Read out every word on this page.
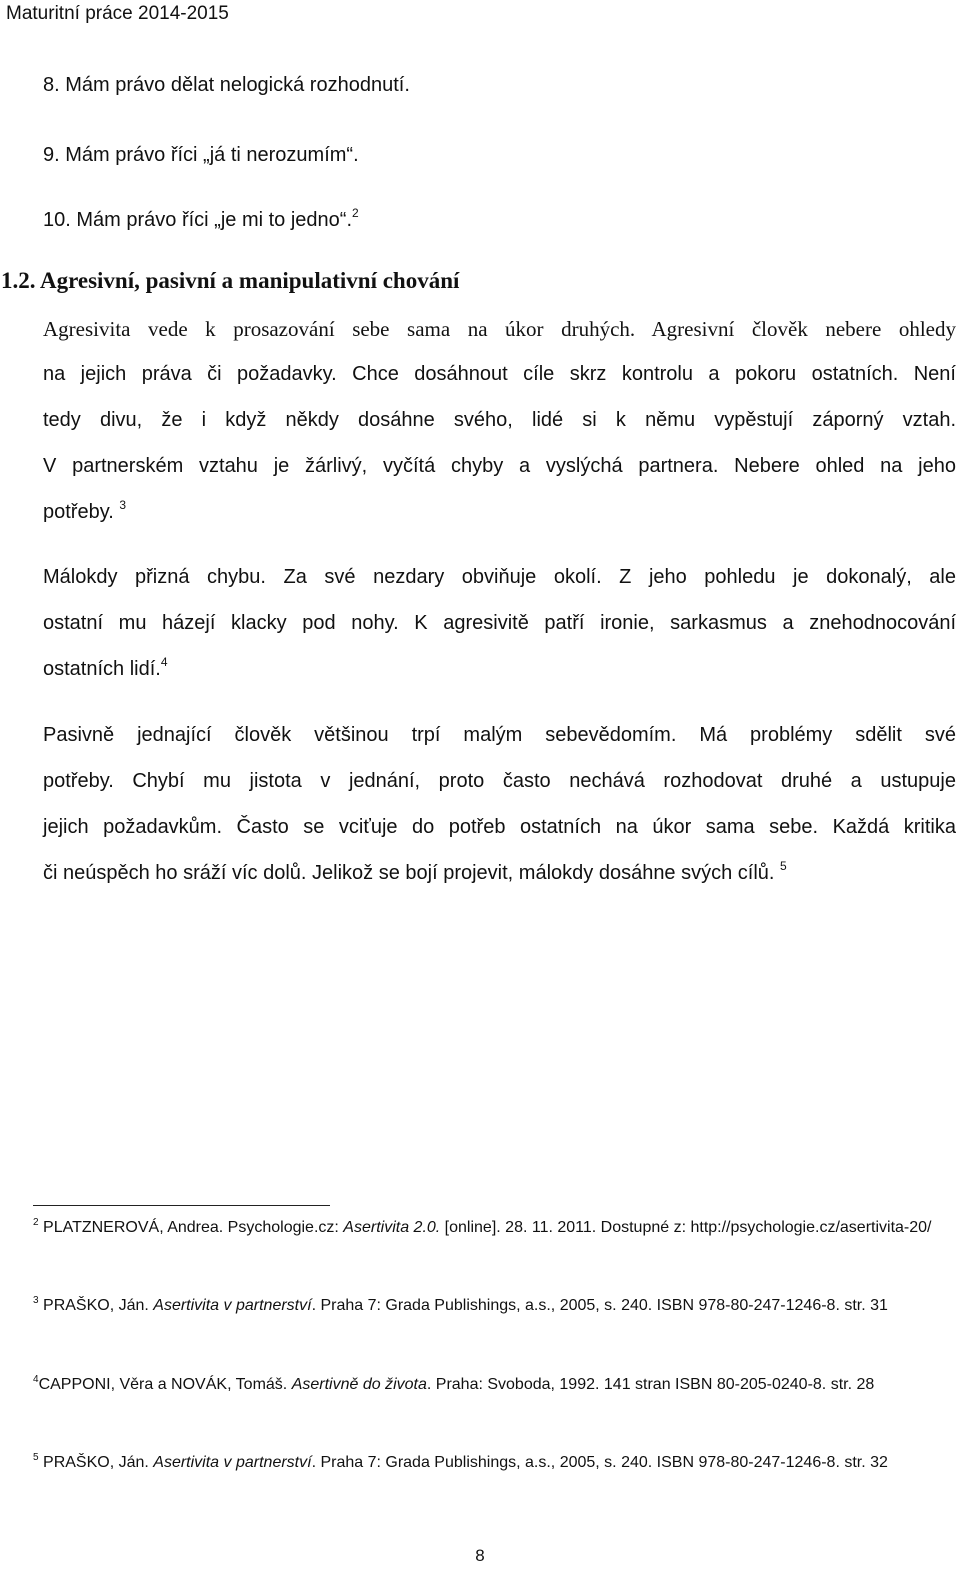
Maturitní práce 2014-2015
8. Mám právo dělat nelogická rozhodnutí.
9. Mám právo říci „já ti nerozumím“.
10. Mám právo říci „je mi to jedno“.$^2$
1.2. Agresivní, pasivní a manipulativní chování
Agresivita vede k prosazování sebe sama na úkor druhých. Agresivní člověk nebere ohledy
na jejich práva či požadavky. Chce dosáhnout cíle skrz kontrolu a pokoru ostatních. Není
tedy divu, že i když někdy dosáhne svého, lidé si k němu vypěstují záporný vztah.
V partnerském vztahu je žárlivý, vyčítá chyby a vyslýchá partnera. Nebere ohled na jeho
potřeby. $^3$
Málokdy přizná chybu. Za své nezdary obviňuje okolí. Z jeho pohledu je dokonalý, ale
ostatní mu házejí klacky pod nohy. K agresivitě patří ironie, sarkasmus a znehodnocování
ostatních lidí.$^4$
Pasivně jednající člověk většinou trpí malým sebevědomím. Má problémy sdělit své
potřeby. Chybí mu jistota v jednání, proto často nechává rozhodovat druhé a ustupuje
jejich požadavkům. Často se vciťuje do potřeb ostatních na úkor sama sebe. Každá kritika
či neúspěch ho sráží víc dolů. Jelikož se bojí projevit, málokdy dosáhne svých cílů. $^5$
$^2$ PLATZNEROVÁ, Andrea. Psychologie.cz: Asertivita 2.0. [online]. 28. 11. 2011. Dostupné z: http://psychologie.cz/asertivita-20/
$^3$ PRAŠKO, Ján. Asertivita v partnerství. Praha 7: Grada Publishings, a.s., 2005, s. 240. ISBN 978-80-247-1246-8. str. 31
$^4$CAPPONI, Věra a NOVÁK, Tomáš. Asertivně do života. Praha: Svoboda, 1992. 141 stran ISBN 80-205-0240-8. str. 28
$^5$ PRAŠKO, Ján. Asertivita v partnerství. Praha 7: Grada Publishings, a.s., 2005, s. 240. ISBN 978-80-247-1246-8. str. 32
8
